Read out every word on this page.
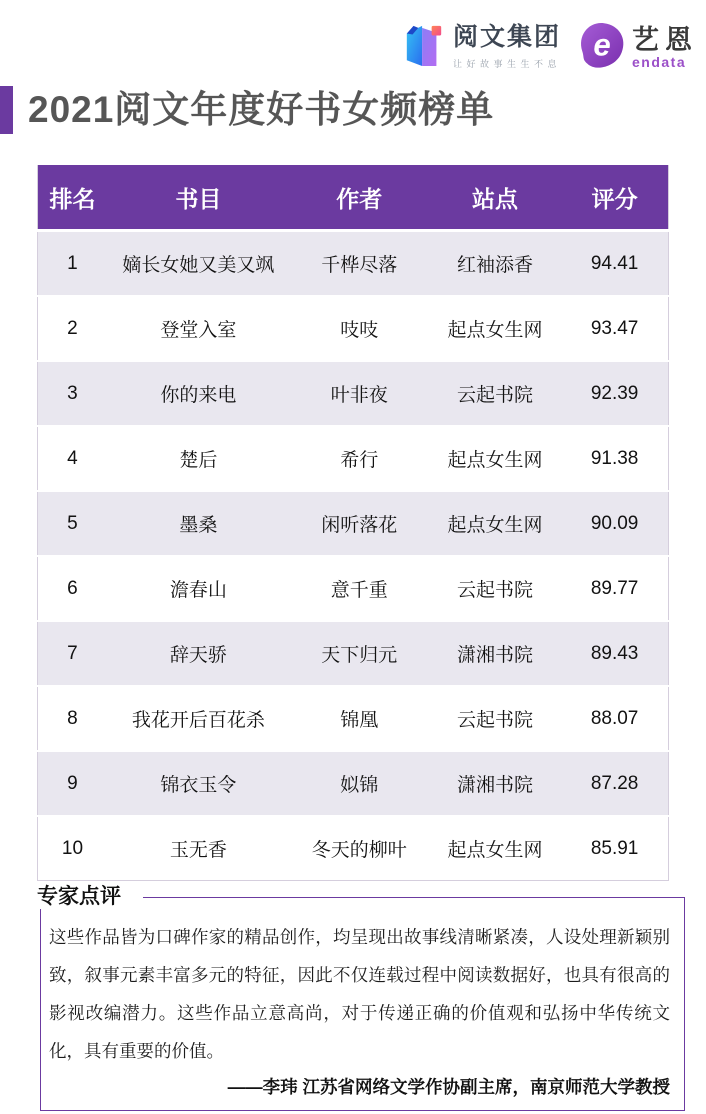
阅文集团
让好故事生生不息
e 艺恩
endata
2021阅文年度好书女频榜单
排名	书目	作者	站点	评分
1	嫡长女她又美又飒	千桦尽落	红袖添香	94.41
2	登堂入室	吱吱	起点女生网	93.47
3	你的来电	叶非夜	云起书院	92.39
4	楚后	希行	起点女生网	91.38
5	墨桑	闲听落花	起点女生网	90.09
6	澹春山	意千重	云起书院	89.77
7	辞天骄	天下归元	潇湘书院	89.43
8	我花开后百花杀	锦凰	云起书院	88.07
9	锦衣玉令	姒锦	潇湘书院	87.28
10	玉无香	冬天的柳叶	起点女生网	85.91
专家点评

这些作品皆为口碑作家的精品创作，均呈现出故事线清晰紧凑，人设处理新颖别致，叙事元素丰富多元的特征，因此不仅连载过程中阅读数据好，也具有很高的影视改编潜力。这些作品立意高尚，对于传递正确的价值观和弘扬中华传统文化，具有重要的价值。

——李玮 江苏省网络文学作协副主席，南京师范大学教授
